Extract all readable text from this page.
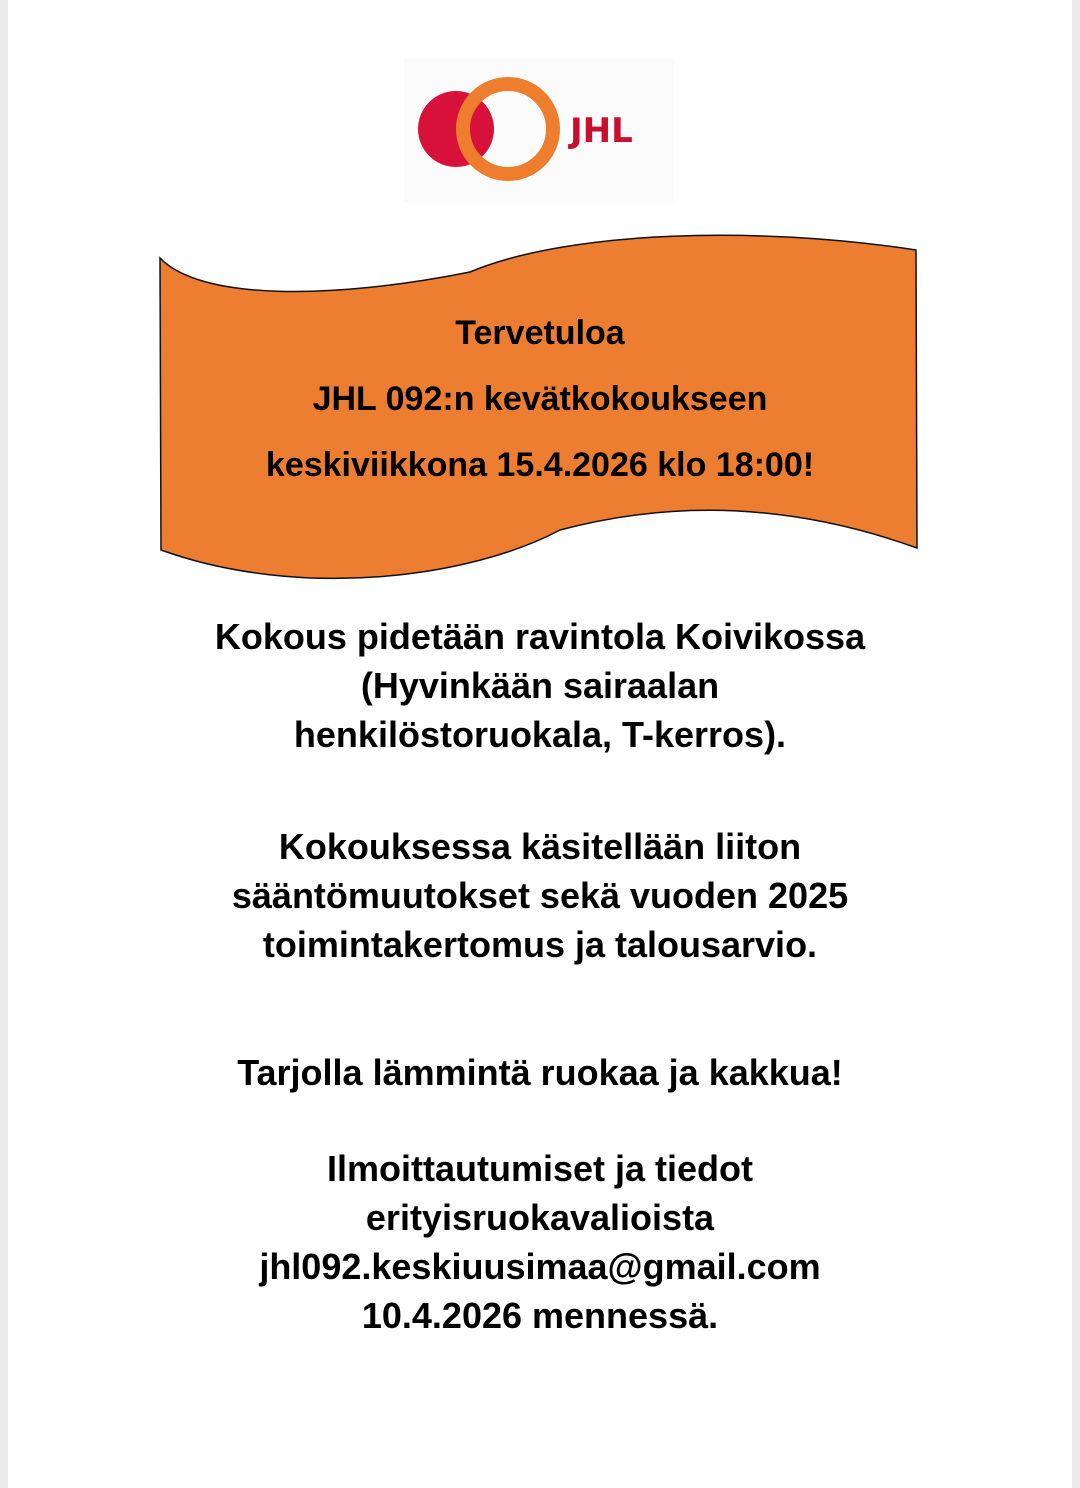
JHL
Tervetuloa
JHL 092:n kevätkokoukseen
keskiviikkona 15.4.2026 klo 18:00!
Kokous pidetään ravintola Koivikossa
(Hyvinkään sairaalan
henkilöstoruokala, T-kerros).
Kokouksessa käsitellään liiton
sääntömuutokset sekä vuoden 2025
toimintakertomus ja talousarvio.
Tarjolla lämmintä ruokaa ja kakkua!
Ilmoittautumiset ja tiedot
erityisruokavalioista
jhl092.keskiuusimaa@gmail.com
10.4.2026 mennessä.
